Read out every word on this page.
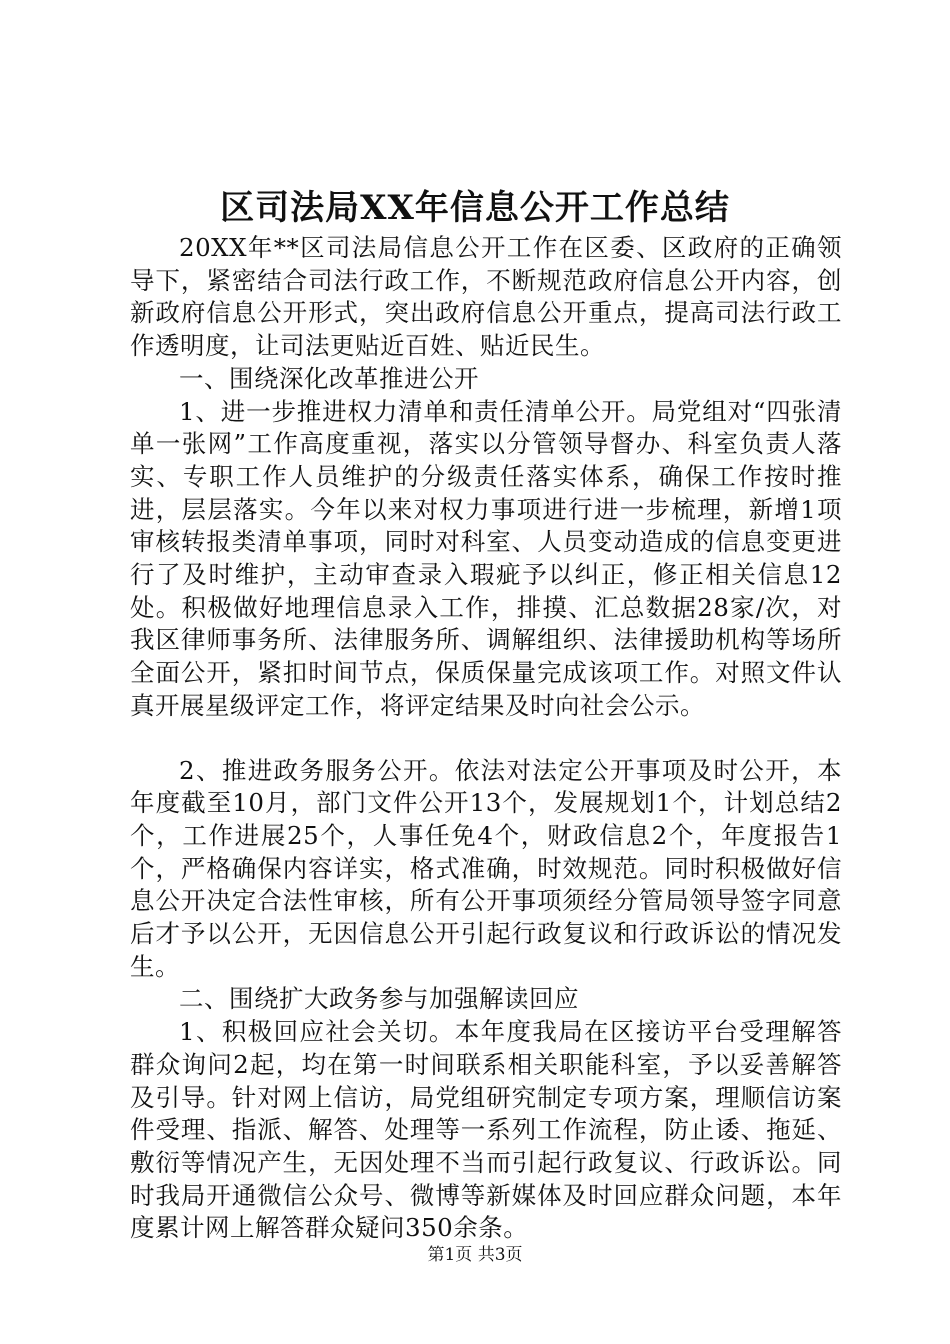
区司法局XX年信息公开工作总结

20XX年**区司法局信息公开工作在区委、区政府的正确领导下，紧密结合司法行政工作，不断规范政府信息公开内容，创新政府信息公开形式，突出政府信息公开重点，提高司法行政工作透明度，让司法更贴近百姓、贴近民生。

一、围绕深化改革推进公开

1、进一步推进权力清单和责任清单公开。局党组对“四张清单一张网”工作高度重视，落实以分管领导督办、科室负责人落实、专职工作人员维护的分级责任落实体系，确保工作按时推进，层层落实。今年以来对权力事项进行进一步梳理，新增1项审核转报类清单事项，同时对科室、人员变动造成的信息变更进行了及时维护，主动审查录入瑕疵予以纠正，修正相关信息12处。积极做好地理信息录入工作，排摸、汇总数据28家/次，对我区律师事务所、法律服务所、调解组织、法律援助机构等场所全面公开，紧扣时间节点，保质保量完成该项工作。对照文件认真开展星级评定工作，将评定结果及时向社会公示。

2、推进政务服务公开。依法对法定公开事项及时公开，本年度截至10月，部门文件公开13个，发展规划1个，计划总结2个，工作进展25个，人事任免4个，财政信息2个，年度报告1个，严格确保内容详实，格式准确，时效规范。同时积极做好信息公开决定合法性审核，所有公开事项须经分管局领导签字同意后才予以公开，无因信息公开引起行政复议和行政诉讼的情况发生。

二、围绕扩大政务参与加强解读回应

1、积极回应社会关切。本年度我局在区接访平台受理解答群众询问2起，均在第一时间联系相关职能科室，予以妥善解答及引导。针对网上信访，局党组研究制定专项方案，理顺信访案件受理、指派、解答、处理等一系列工作流程，防止诿、拖延、敷衍等情况产生，无因处理不当而引起行政复议、行政诉讼。同时我局开通微信公众号、微博等新媒体及时回应群众问题，本年度累计网上解答群众疑问350余条。

第1页 共3页
